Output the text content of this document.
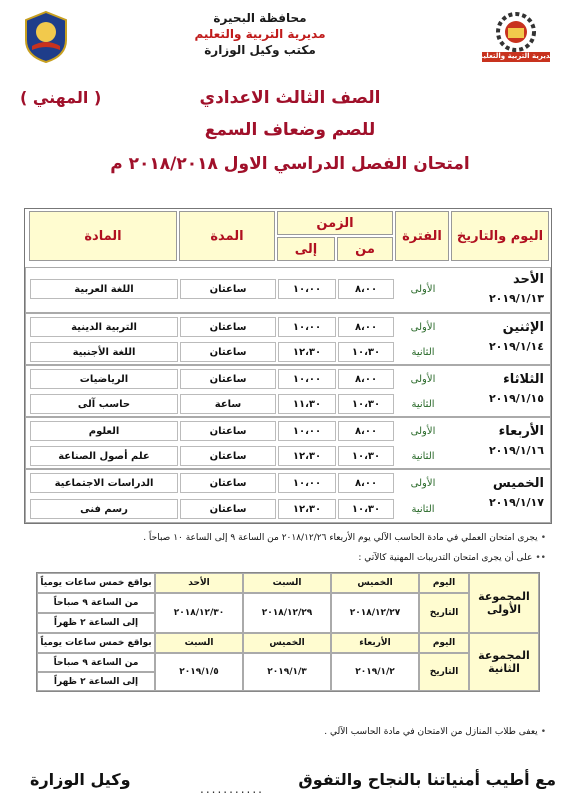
محافظة البحيرة
مديرية التربية والتعليم
مكتب وكيل الوزارة	مديرية التربية والتعليم
الصف الثالث الاعدادي
للصم وضعاف السمع
امتحان الفصل الدراسي الاول ٢٠١٨/٢٠١٨ م
( المهني )
اليوم والتاريخ
الفترة
الزمن
من
إلى
المدة
المادة
الأحد
٢٠١٩/١/١٣
الأولى
٨،٠٠
١٠،٠٠
ساعتان
اللغة العربية
الإثنين
٢٠١٩/١/١٤
الأولى
٨،٠٠
١٠،٠٠
ساعتان
التربية الدينية
الثانية
١٠،٣٠
١٢،٣٠
ساعتان
اللغة الأجنبية
الثلاثاء
٢٠١٩/١/١٥
الأولى
٨،٠٠
١٠،٠٠
ساعتان
الرياضيات
الثانية
١٠،٣٠
١١،٣٠
ساعة
حاسب آلى
الأربعاء
٢٠١٩/١/١٦
الأولى
٨،٠٠
١٠،٠٠
ساعتان
العلوم
الثانية
١٠،٣٠
١٢،٣٠
ساعتان
علم أصول الصناعة
الخميس
٢٠١٩/١/١٧
الأولى
٨،٠٠
١٠،٠٠
ساعتان
الدراسات الاجتماعية
الثانية
١٠،٣٠
١٢،٣٠
ساعتان
رسم فنى
•يجرى امتحان العملي في مادة الحاسب الآلي يوم الأربعاء ٢٠١٨/١٢/٢٦ من الساعة ٩ إلى الساعة ١٠ صباحاً .
••على أن يجرى امتحان التدريبات المهنية كالآتي :
المجموعة الأولى
اليوم
التاريخ
الخميس
السبت
الأحد
٢٠١٨/١٢/٢٧
٢٠١٨/١٢/٢٩
٢٠١٨/١٢/٣٠
بواقع خمس ساعات يومياً
من الساعة ٩ صباحاً
إلى الساعة ٢ ظهراً
المجموعة الثانية
اليوم
التاريخ
الأربعاء
الخميس
السبت
٢٠١٩/١/٢
٢٠١٩/١/٣
٢٠١٩/١/٥
بواقع خمس ساعات يومياً
من الساعة ٩ صباحاً
إلى الساعة ٢ ظهراً
•يعفى طلاب المنازل من الامتحان في مادة الحاسب الآلي .
مع أطيب أمنياتنا بالنجاح والتفوق
...........
وكيل الوزارة
